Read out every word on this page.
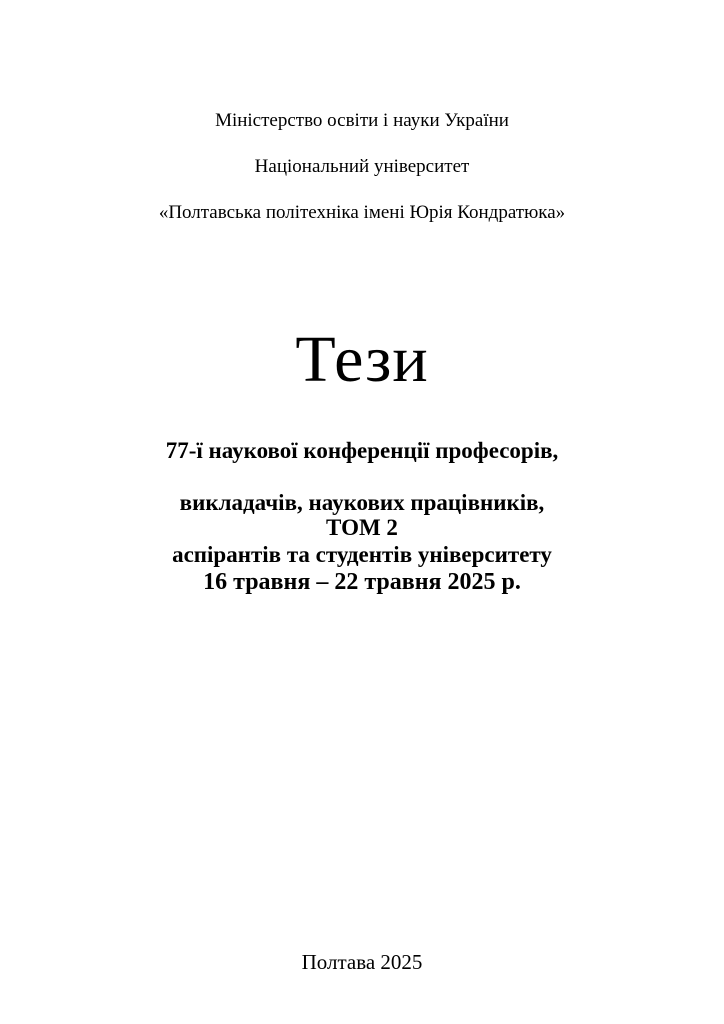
Міністерство освіти і науки України

Національний університет

«Полтавська політехніка імені Юрія Кондратюка»

Тези

77-ї наукової конференції професорів,

викладачів, наукових працівників,

аспірантів та студентів університету

ТОМ 2
16 травня – 22 травня 2025 р.
Полтава 2025
